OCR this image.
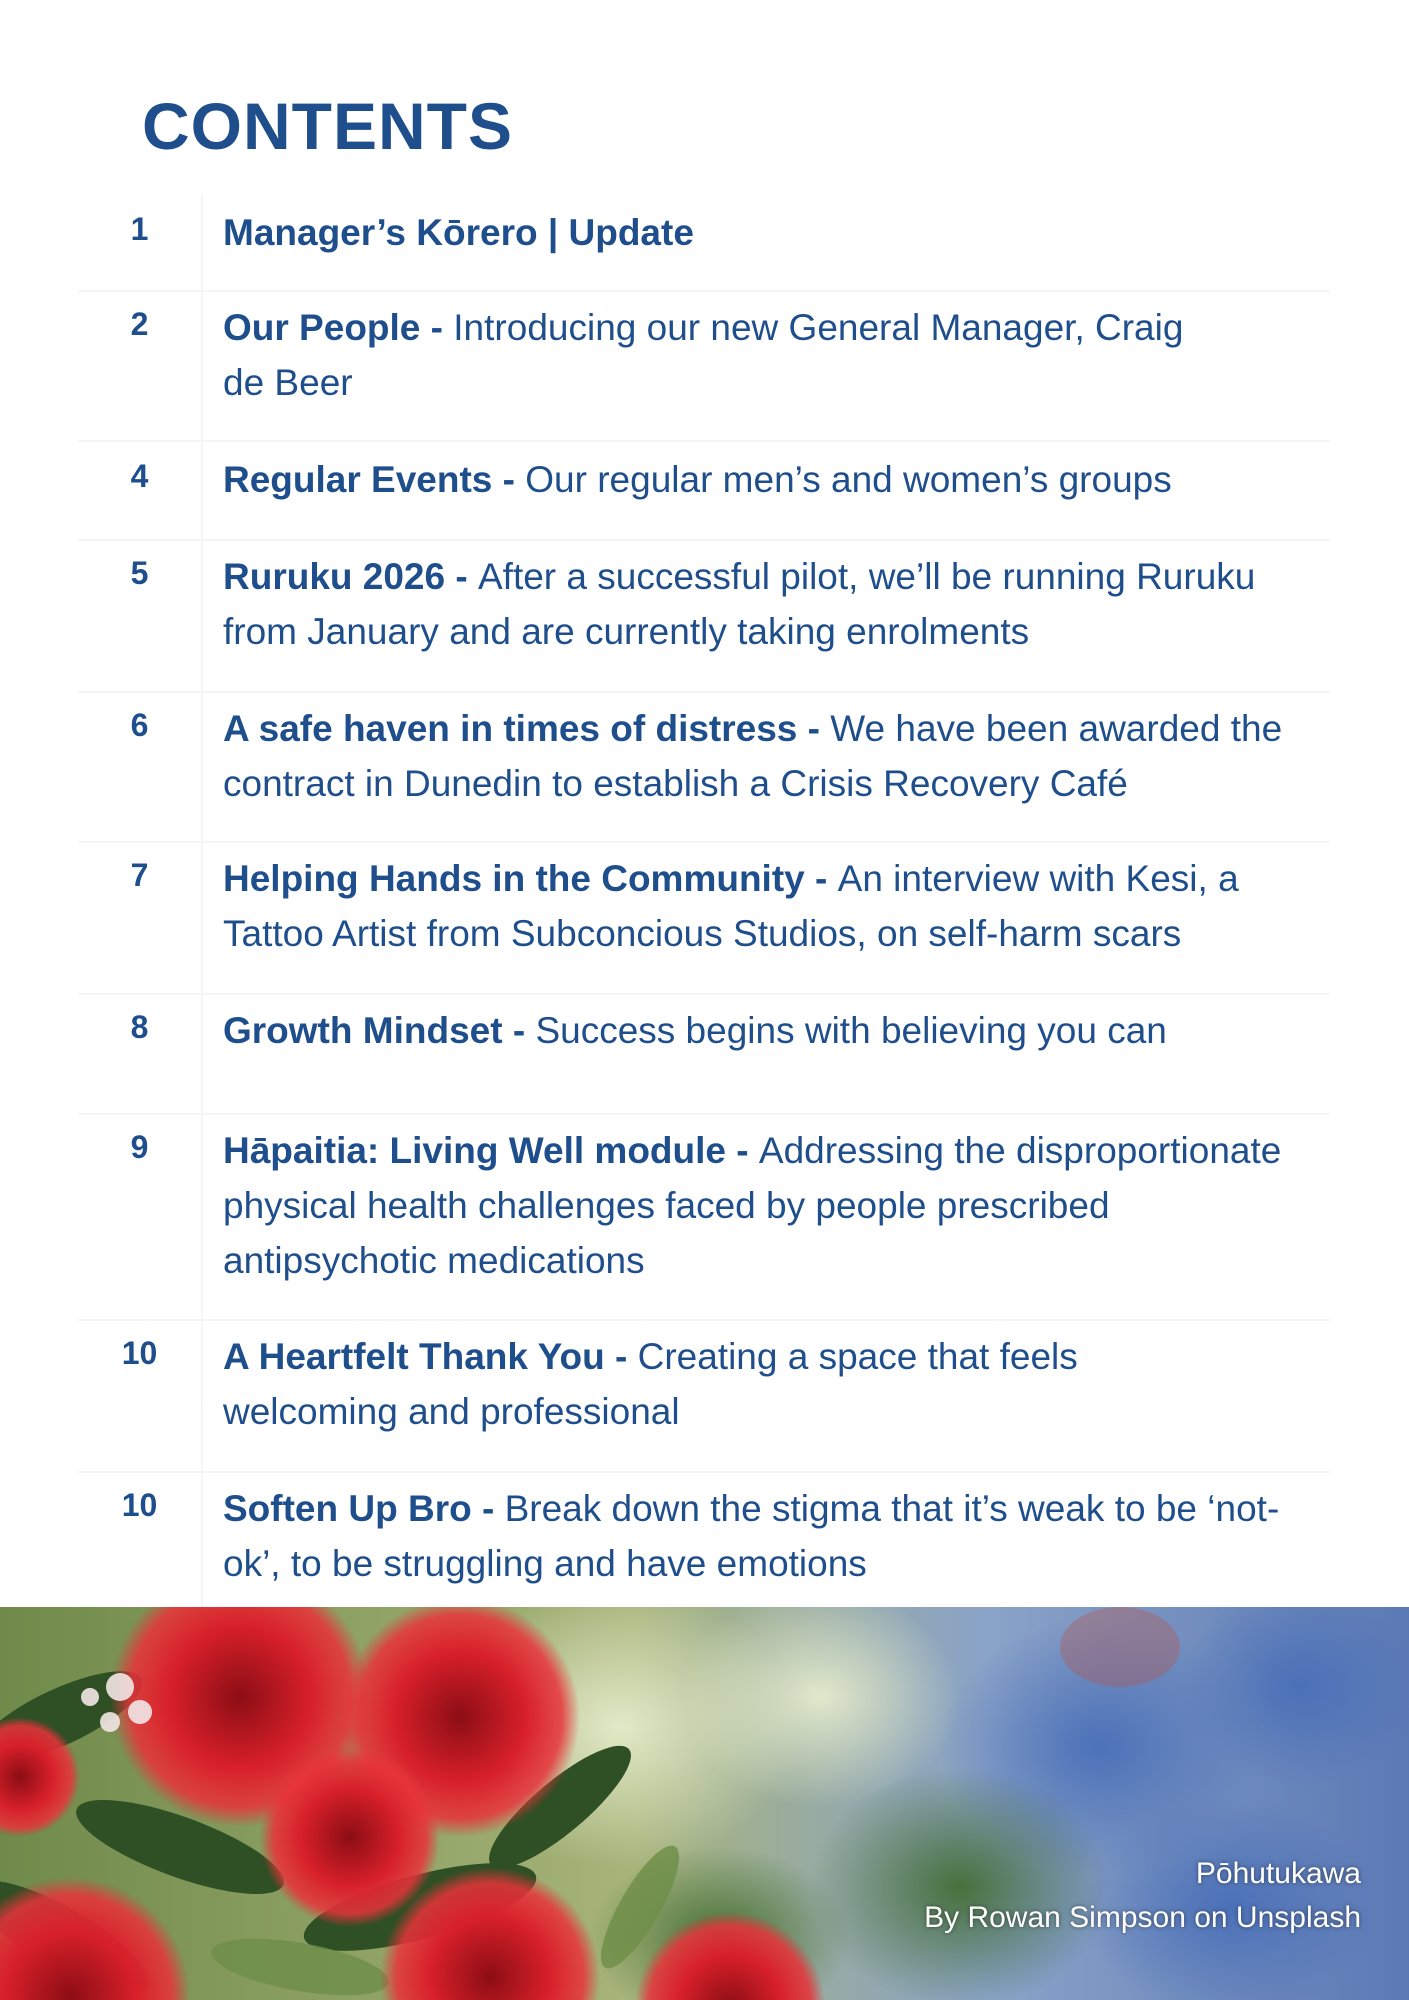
CONTENTS
1	Manager’s Kōrero | Update
2	Our People - Introducing our new General Manager, Craig de Beer
4	Regular Events - Our regular men’s and women’s groups
5	Ruruku 2026 - After a successful pilot, we’ll be running Ruruku from January and are currently taking enrolments
6	A safe haven in times of distress - We have been awarded the contract in Dunedin to establish a Crisis Recovery Café
7	Helping Hands in the Community - An interview with Kesi, a Tattoo Artist from Subconcious Studios, on self-harm scars
8	Growth Mindset - Success begins with believing you can
9	Hāpaitia: Living Well module - Addressing the disproportionate physical health challenges faced by people prescribed antipsychotic medications
10	A Heartfelt Thank You - Creating a space that feels welcoming and professional
10	Soften Up Bro - Break down the stigma that it’s weak to be ‘not-ok’, to be struggling and have emotions
Pōhutukawa
By Rowan Simpson on Unsplash
